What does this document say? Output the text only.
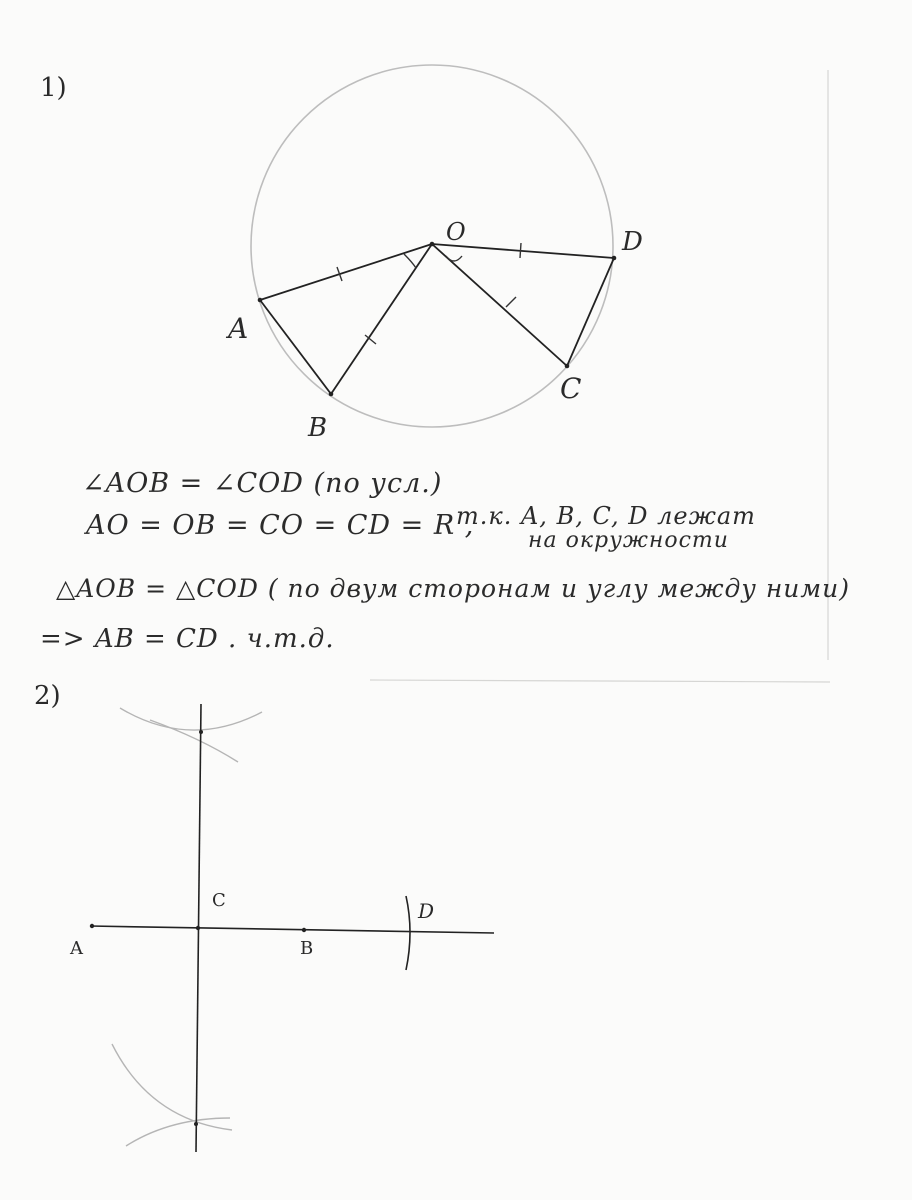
1)
O
A
B
C
D
2)
A
C
B
D
∠AOB = ∠COD (по усл.)
AO = OB = CO = CD = R ,
т.к. A, B, C, D лежат
на окружности
△AOB = △COD ( по двум сторонам и углу между ними)
=> AB = CD . ч.т.д.
